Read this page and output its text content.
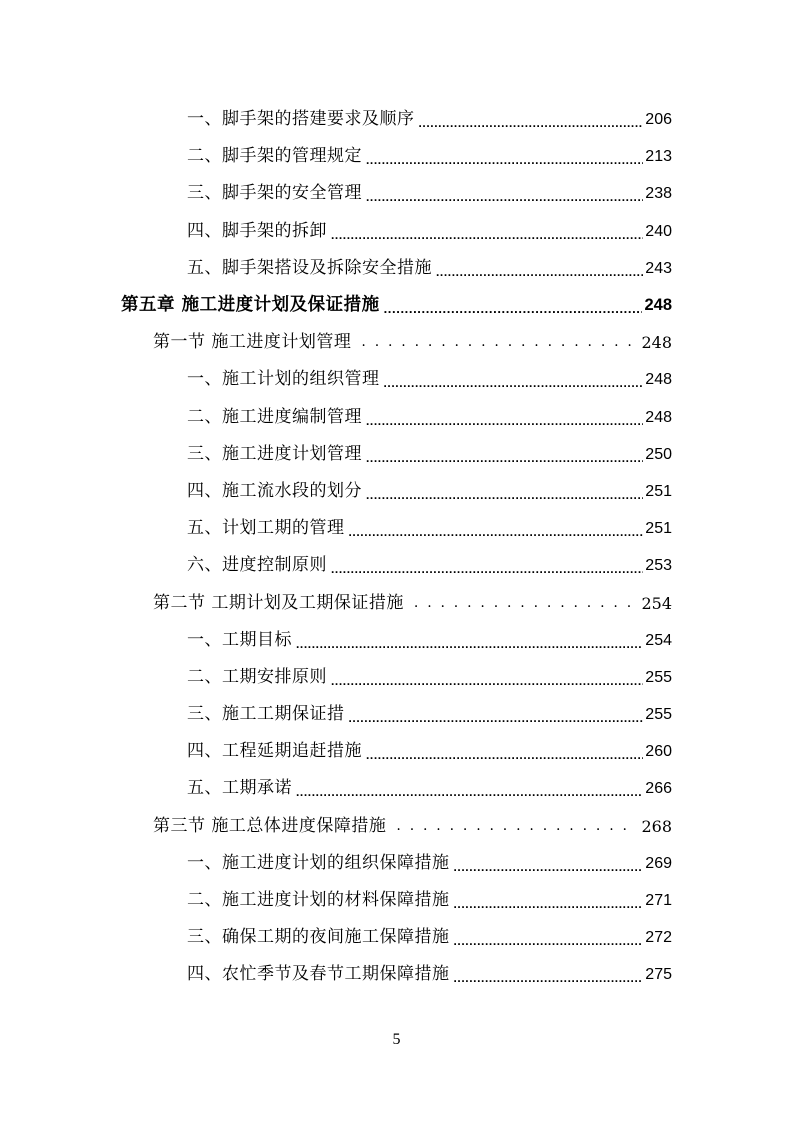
一、脚手架的搭建要求及顺序 .....	206
二、脚手架的管理规定 .....	213
三、脚手架的安全管理 .....	238
四、脚手架的拆卸 .....	240
五、脚手架搭设及拆除安全措施 .....	243
第五章 施工进度计划及保证措施 .....	248
第一节 施工进度计划管理 . . .	248
一、施工计划的组织管理 .....	248
二、施工进度编制管理 .....	248
三、施工进度计划管理 .....	250
四、施工流水段的划分 .....	251
五、计划工期的管理 .....	251
六、进度控制原则 .....	253
第二节 工期计划及工期保证措施 . . .	254
一、工期目标 .....	254
二、工期安排原则 .....	255
三、施工工期保证措 .....	255
四、工程延期追赶措施 .....	260
五、工期承诺 .....	266
第三节 施工总体进度保障措施 . . .	268
一、施工进度计划的组织保障措施 .....	269
二、施工进度计划的材料保障措施 .....	271
三、确保工期的夜间施工保障措施 .....	272
四、农忙季节及春节工期保障措施 .....	275
5
